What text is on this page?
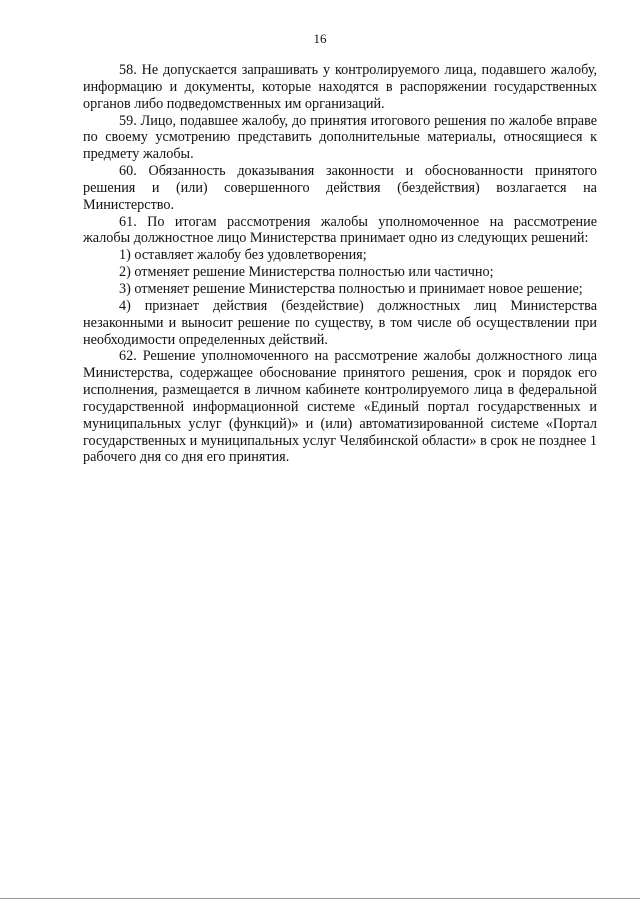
16

58. Не допускается запрашивать у контролируемого лица, подавшего жалобу, информацию и документы, которые находятся в распоряжении государственных органов либо подведомственных им организаций.

59. Лицо, подавшее жалобу, до принятия итогового решения по жалобе вправе по своему усмотрению представить дополнительные материалы, относящиеся к предмету жалобы.

60. Обязанность доказывания законности и обоснованности принятого решения и (или) совершенного действия (бездействия) возлагается на Министерство.

61. По итогам рассмотрения жалобы уполномоченное на рассмотрение жалобы должностное лицо Министерства принимает одно из следующих решений:

1) оставляет жалобу без удовлетворения;

2) отменяет решение Министерства полностью или частично;

3) отменяет решение Министерства полностью и принимает новое решение;

4) признает действия (бездействие) должностных лиц Министерства незаконными и выносит решение по существу, в том числе об осуществлении при необходимости определенных действий.

62. Решение уполномоченного на рассмотрение жалобы должностного лица Министерства, содержащее обоснование принятого решения, срок и порядок его исполнения, размещается в личном кабинете контролируемого лица в федеральной государственной информационной системе «Единый портал государственных и муниципальных услуг (функций)» и (или) автоматизированной системе «Портал государственных и муниципальных услуг Челябинской области» в срок не позднее 1 рабочего дня со дня его принятия.
